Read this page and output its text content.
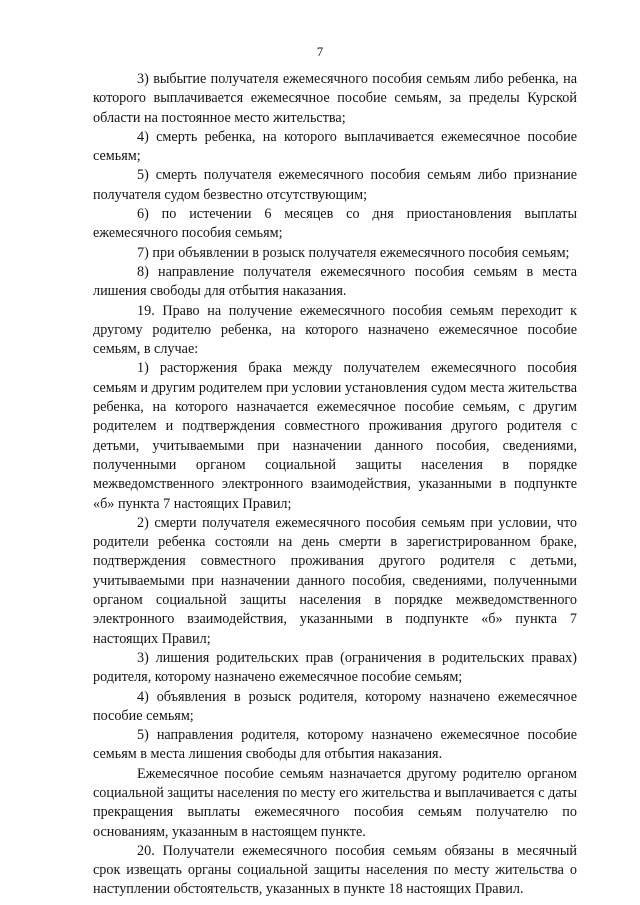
7

3) выбытие получателя ежемесячного пособия семьям либо ребенка, на которого выплачивается ежемесячное пособие семьям, за пределы Курской области на постоянное место жительства;

4) смерть ребенка, на которого выплачивается ежемесячное пособие семьям;

5) смерть получателя ежемесячного пособия семьям либо признание получателя судом безвестно отсутствующим;

6) по истечении 6 месяцев со дня приостановления выплаты ежемесячного пособия семьям;

7) при объявлении в розыск получателя ежемесячного пособия семьям;

8) направление получателя ежемесячного пособия семьям в места лишения свободы для отбытия наказания.

19. Право на получение ежемесячного пособия семьям переходит к другому родителю ребенка, на которого назначено ежемесячное пособие семьям, в случае:

1) расторжения брака между получателем ежемесячного пособия семьям и другим родителем при условии установления судом места жительства ребенка, на которого назначается ежемесячное пособие семьям, с другим родителем и подтверждения совместного проживания другого родителя с детьми, учитываемыми при назначении данного пособия, сведениями, полученными органом социальной защиты населения в порядке межведомственного электронного взаимодействия, указанными в подпункте «б» пункта 7 настоящих Правил;

2) смерти получателя ежемесячного пособия семьям при условии, что родители ребенка состояли на день смерти в зарегистрированном браке, подтверждения совместного проживания другого родителя с детьми, учитываемыми при назначении данного пособия, сведениями, полученными органом социальной защиты населения в порядке межведомственного электронного взаимодействия, указанными в подпункте «б» пункта 7 настоящих Правил;

3) лишения родительских прав (ограничения в родительских правах) родителя, которому назначено ежемесячное пособие семьям;

4) объявления в розыск родителя, которому назначено ежемесячное пособие семьям;

5) направления родителя, которому назначено ежемесячное пособие семьям в места лишения свободы для отбытия наказания.

Ежемесячное пособие семьям назначается другому родителю органом социальной защиты населения по месту его жительства и выплачивается с даты прекращения выплаты ежемесячного пособия семьям получателю по основаниям, указанным в настоящем пункте.

20. Получатели ежемесячного пособия семьям обязаны в месячный срок извещать органы социальной защиты населения по месту жительства о наступлении обстоятельств, указанных в пункте 18 настоящих Правил.
